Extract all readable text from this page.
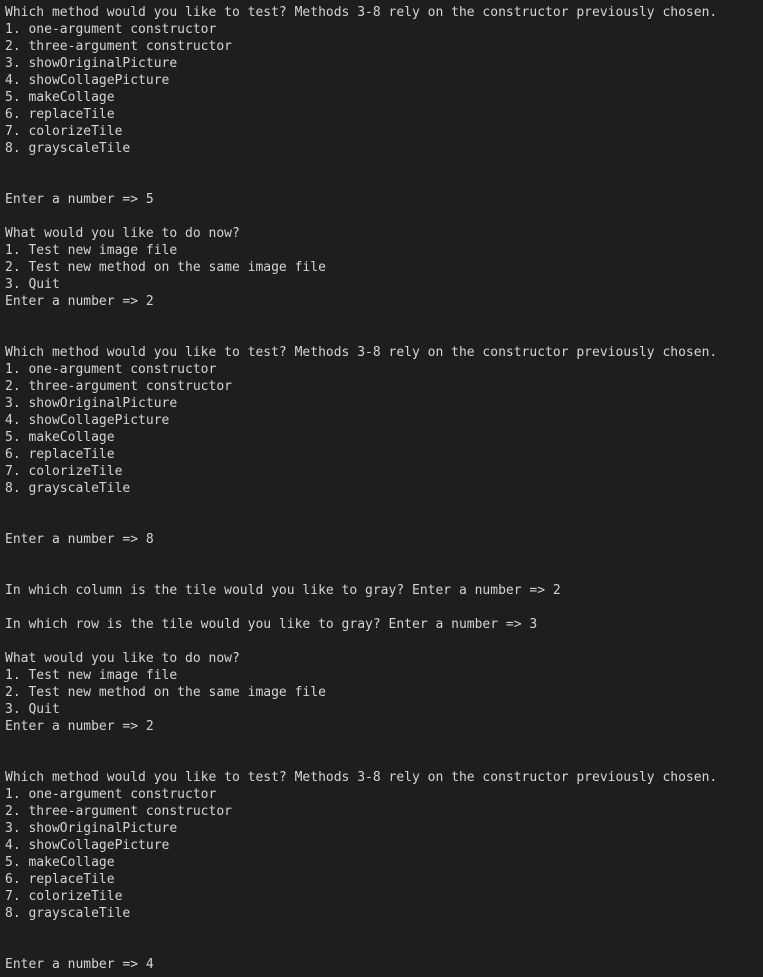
Which method would you like to test? Methods 3-8 rely on the constructor previously chosen.
1. one-argument constructor
2. three-argument constructor
3. showOriginalPicture
4. showCollagePicture
5. makeCollage
6. replaceTile
7. colorizeTile
8. grayscaleTile
Enter a number => 5
What would you like to do now?
1. Test new image file
2. Test new method on the same image file
3. Quit
Enter a number => 2
Which method would you like to test? Methods 3-8 rely on the constructor previously chosen.
1. one-argument constructor
2. three-argument constructor
3. showOriginalPicture
4. showCollagePicture
5. makeCollage
6. replaceTile
7. colorizeTile
8. grayscaleTile
Enter a number => 8
In which column is the tile would you like to gray? Enter a number => 2
In which row is the tile would you like to gray? Enter a number => 3
What would you like to do now?
1. Test new image file
2. Test new method on the same image file
3. Quit
Enter a number => 2
Which method would you like to test? Methods 3-8 rely on the constructor previously chosen.
1. one-argument constructor
2. three-argument constructor
3. showOriginalPicture
4. showCollagePicture
5. makeCollage
6. replaceTile
7. colorizeTile
8. grayscaleTile
Enter a number => 4
